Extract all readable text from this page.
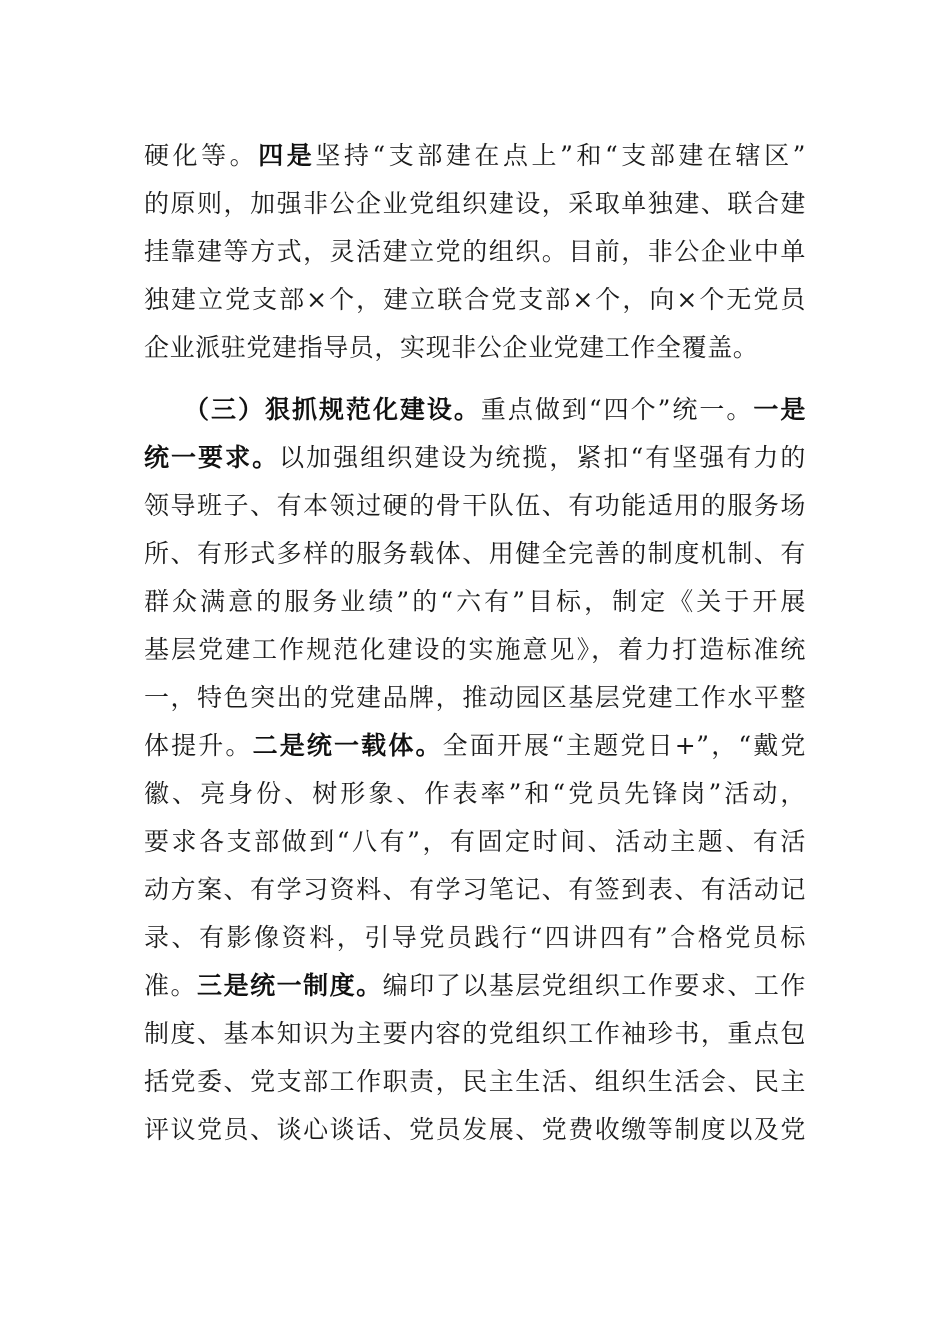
硬化等。四是坚持“支部建在点上”和“支部建在辖区”
的原则，加强非公企业党组织建设，采取单独建、联合建
挂靠建等方式，灵活建立党的组织。目前，非公企业中单
独建立党支部×个，建立联合党支部×个，向×个无党员
企业派驻党建指导员，实现非公企业党建工作全覆盖。
（三）狠抓规范化建设。重点做到“四个”统一。一是
统一要求。以加强组织建设为统揽，紧扣“有坚强有力的
领导班子、有本领过硬的骨干队伍、有功能适用的服务场
所、有形式多样的服务载体、用健全完善的制度机制、有
群众满意的服务业绩”的“六有”目标，制定《关于开展
基层党建工作规范化建设的实施意见》，着力打造标准统
一，特色突出的党建品牌，推动园区基层党建工作水平整
体提升。二是统一载体。全面开展“主题党日+”，“戴党
徽、亮身份、树形象、作表率”和“党员先锋岗”活动，
要求各支部做到“八有”，有固定时间、活动主题、有活
动方案、有学习资料、有学习笔记、有签到表、有活动记
录、有影像资料，引导党员践行“四讲四有”合格党员标
准。三是统一制度。编印了以基层党组织工作要求、工作
制度、基本知识为主要内容的党组织工作袖珍书，重点包
括党委、党支部工作职责，民主生活、组织生活会、民主
评议党员、谈心谈话、党员发展、党费收缴等制度以及党
